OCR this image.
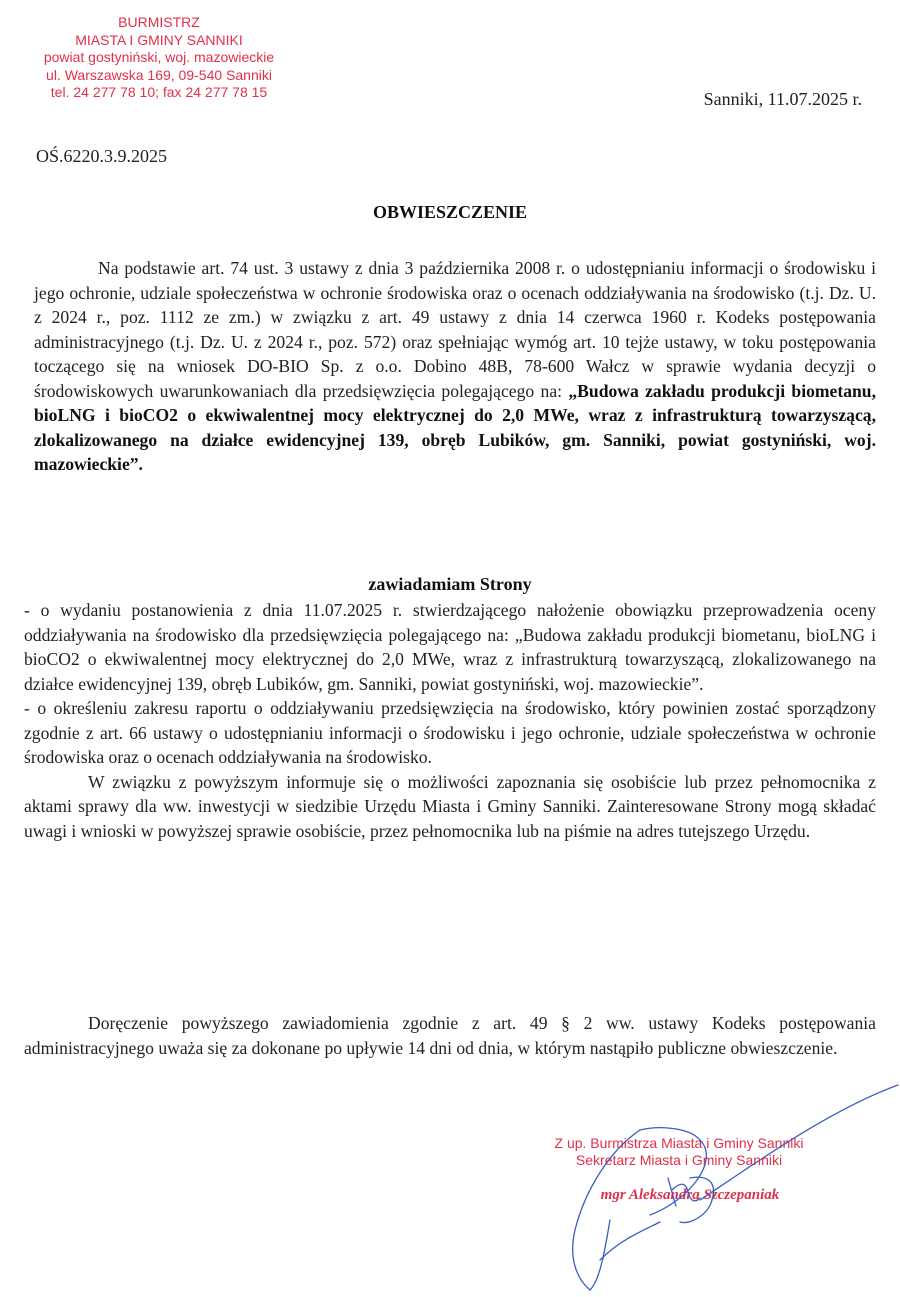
BURMISTRZ
MIASTA I GMINY SANNIKI
powiat gostyniński, woj. mazowieckie
ul. Warszawska 169, 09-540 Sanniki
tel. 24 277 78 10; fax 24 277 78 15	Sanniki, 11.07.2025 r.
OŚ.6220.3.9.2025
OBWIESZCZENIE

Na podstawie art. 74 ust. 3 ustawy z dnia 3 października 2008 r. o udostępnianiu informacji o środowisku i jego ochronie, udziale społeczeństwa w ochronie środowiska oraz o ocenach oddziaływania na środowisko (t.j. Dz. U. z 2024 r., poz. 1112 ze zm.) w związku z art. 49 ustawy z dnia 14 czerwca 1960 r. Kodeks postępowania administracyjnego (t.j. Dz. U. z 2024 r., poz. 572) oraz spełniając wymóg art. 10 tejże ustawy, w toku postępowania toczącego się na wniosek DO-BIO Sp. z o.o. Dobino 48B, 78-600 Wałcz w sprawie wydania decyzji o środowiskowych uwarunkowaniach dla przedsięwzięcia polegającego na: „Budowa zakładu produkcji biometanu, bioLNG i bioCO2 o ekwiwalentnej mocy elektrycznej do 2,0 MWe, wraz z infrastrukturą towarzyszącą, zlokalizowanego na działce ewidencyjnej 139, obręb Lubików, gm. Sanniki, powiat gostyniński, woj. mazowieckie”.

zawiadamiam Strony

- o wydaniu postanowienia z dnia 11.07.2025 r. stwierdzającego nałożenie obowiązku przeprowadzenia oceny oddziaływania na środowisko dla przedsięwzięcia polegającego na: „Budowa zakładu produkcji biometanu, bioLNG i bioCO2 o ekwiwalentnej mocy elektrycznej do 2,0 MWe, wraz z infrastrukturą towarzyszącą, zlokalizowanego na działce ewidencyjnej 139, obręb Lubików, gm. Sanniki, powiat gostyniński, woj. mazowieckie”.

- o określeniu zakresu raportu o oddziaływaniu przedsięwzięcia na środowisko, który powinien zostać sporządzony zgodnie z art. 66 ustawy o udostępnianiu informacji o środowisku i jego ochronie, udziale społeczeństwa w ochronie środowiska oraz o ocenach oddziaływania na środowisko.

W związku z powyższym informuje się o możliwości zapoznania się osobiście lub przez pełnomocnika z aktami sprawy dla ww. inwestycji w siedzibie Urzędu Miasta i Gminy Sanniki. Zainteresowane Strony mogą składać uwagi i wnioski w powyższej sprawie osobiście, przez pełnomocnika lub na piśmie na adres tutejszego Urzędu.

Doręczenie powyższego zawiadomienia zgodnie z art. 49 § 2 ww. ustawy Kodeks postępowania administracyjnego uważa się za dokonane po upływie 14 dni od dnia, w którym nastąpiło publiczne obwieszczenie.

Z up. Burmistrza Miasta i Gminy Sanniki
Sekretarz Miasta i Gminy Sanniki
mgr Aleksandra Szczepaniak
